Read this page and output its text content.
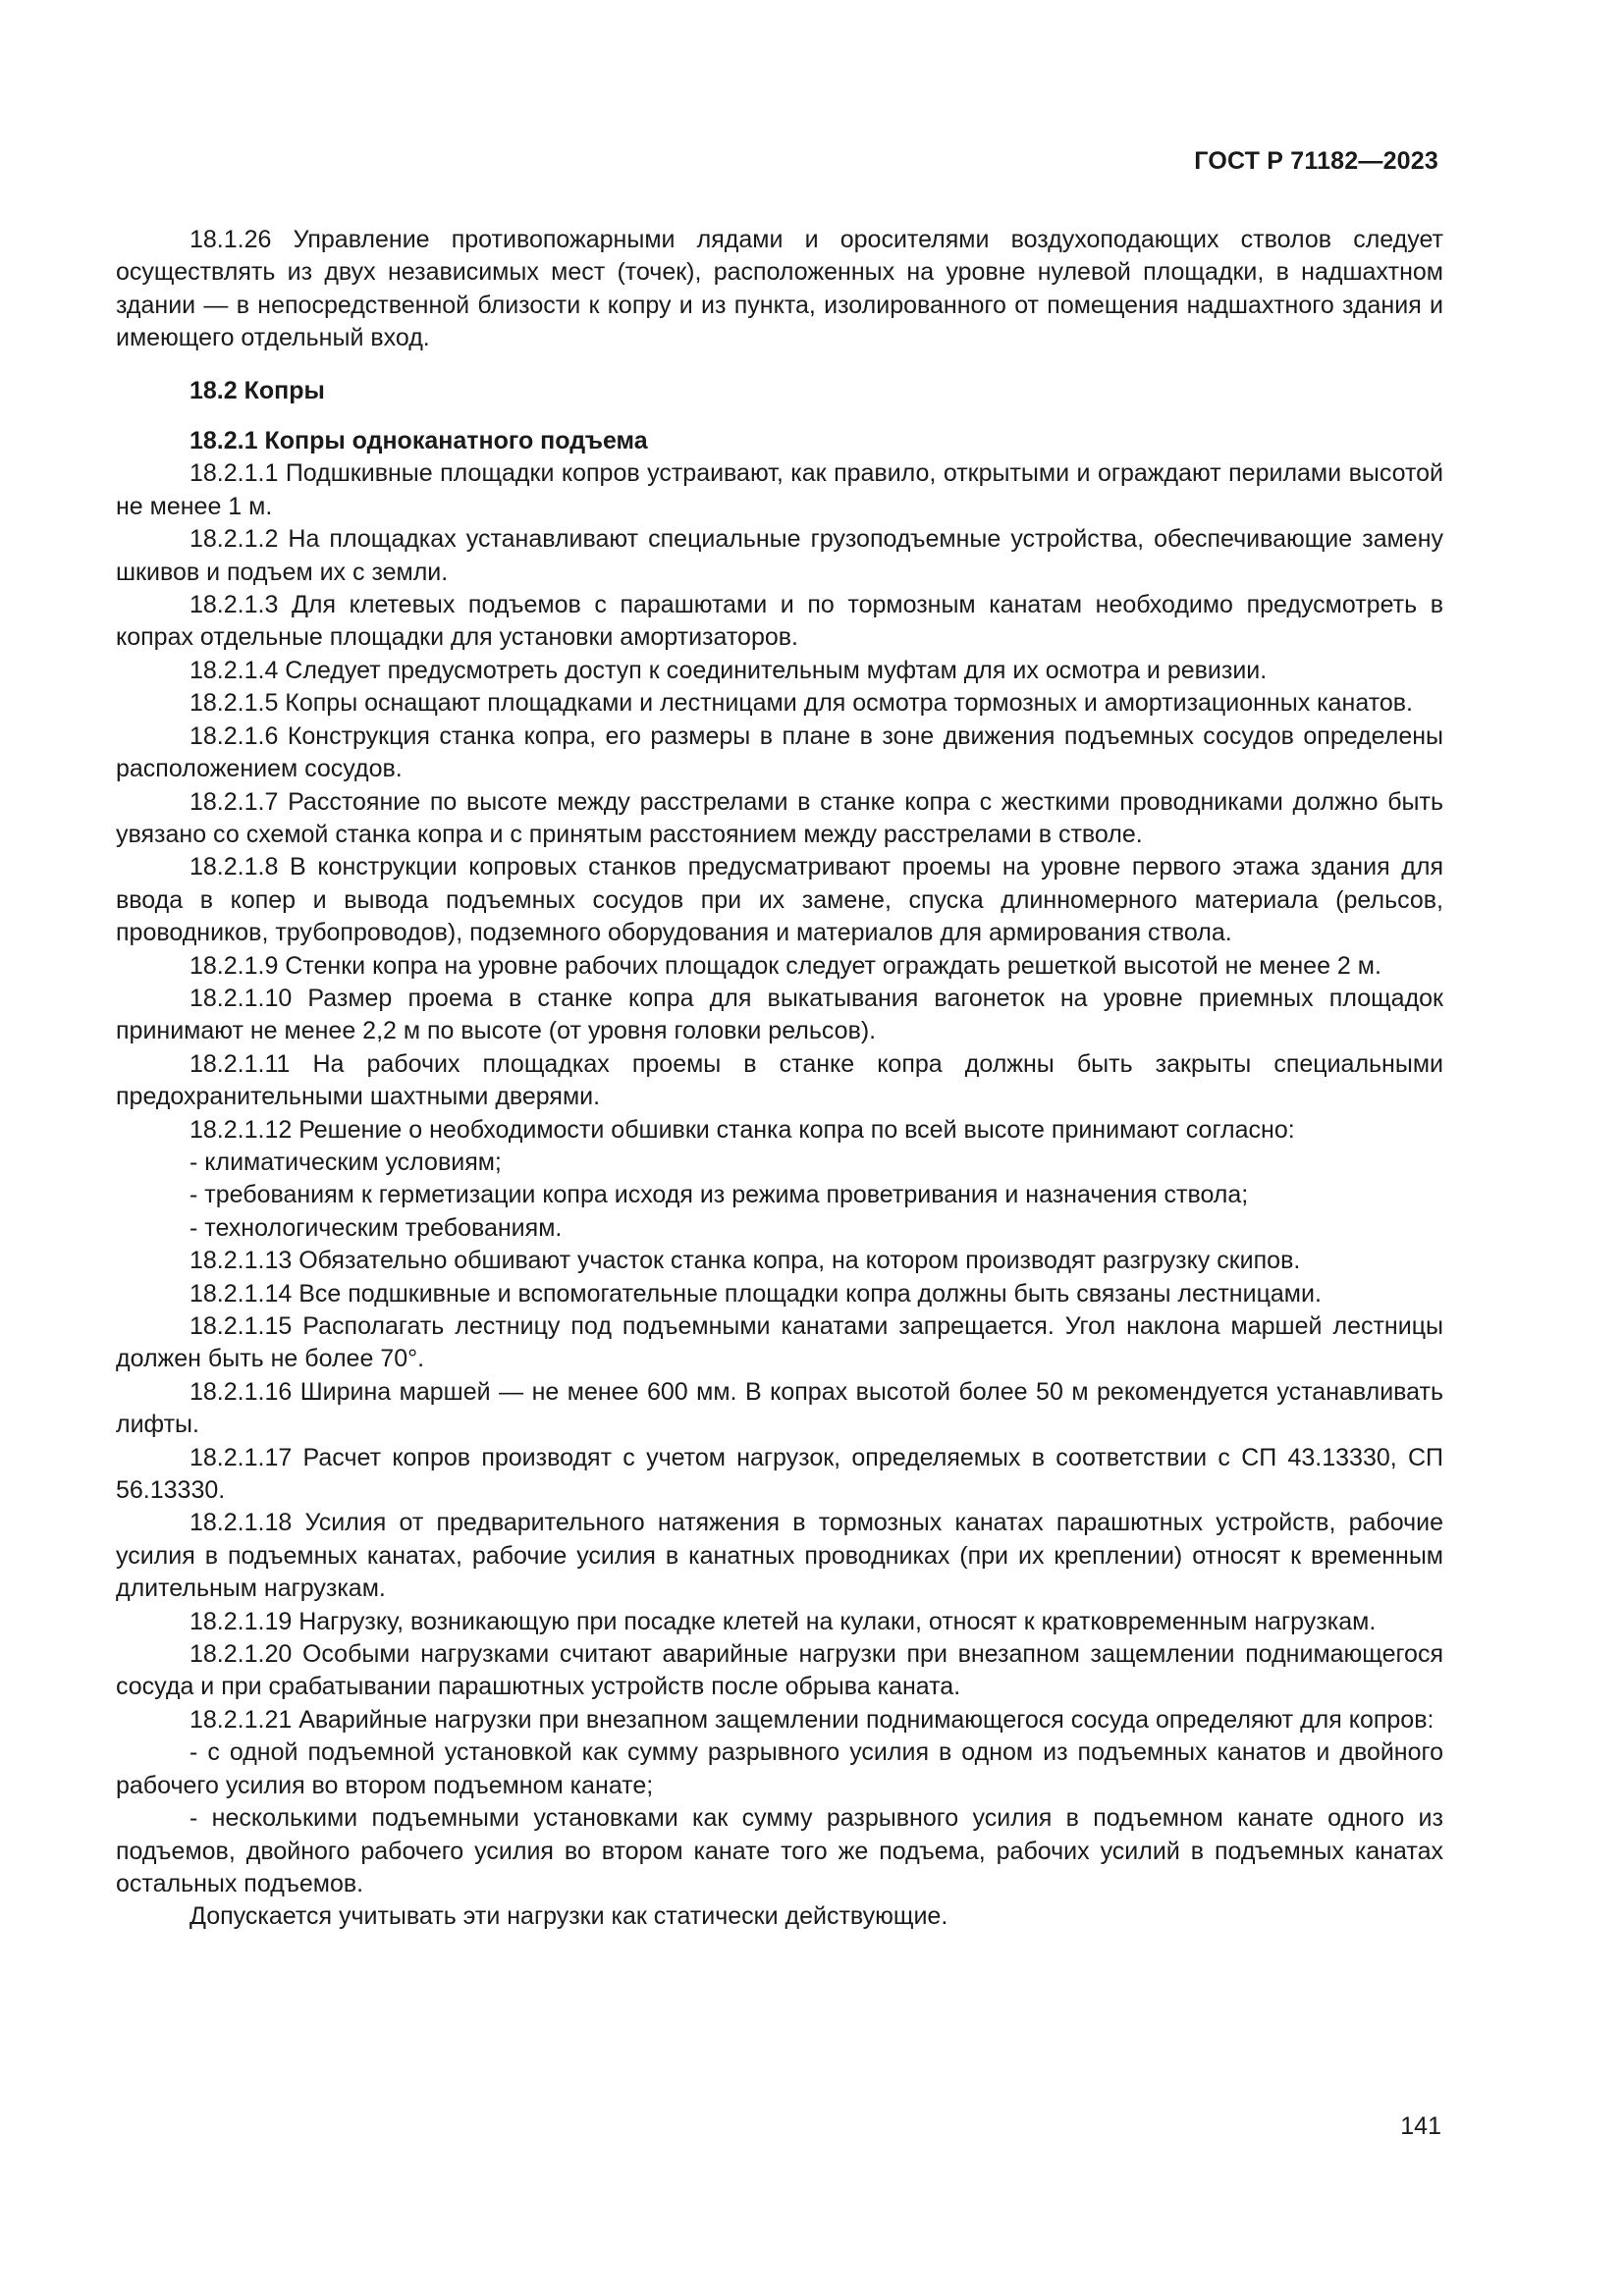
ГОСТ Р 71182—2023

18.1.26 Управление противопожарными лядами и оросителями воздухоподающих стволов следует осуществлять из двух независимых мест (точек), расположенных на уровне нулевой площадки, в надшахтном здании — в непосредственной близости к копру и из пункта, изолированного от помещения надшахтного здания и имеющего отдельный вход.

18.2 Копры
18.2.1 Копры одноканатного подъема

18.2.1.1 Подшкивные площадки копров устраивают, как правило, открытыми и ограждают перилами высотой не менее 1 м.

18.2.1.2 На площадках устанавливают специальные грузоподъемные устройства, обеспечивающие замену шкивов и подъем их с земли.

18.2.1.3 Для клетевых подъемов с парашютами и по тормозным канатам необходимо предусмотреть в копрах отдельные площадки для установки амортизаторов.

18.2.1.4 Следует предусмотреть доступ к соединительным муфтам для их осмотра и ревизии.

18.2.1.5 Копры оснащают площадками и лестницами для осмотра тормозных и амортизационных канатов.

18.2.1.6 Конструкция станка копра, его размеры в плане в зоне движения подъемных сосудов определены расположением сосудов.

18.2.1.7 Расстояние по высоте между расстрелами в станке копра с жесткими проводниками должно быть увязано со схемой станка копра и с принятым расстоянием между расстрелами в стволе.

18.2.1.8 В конструкции копровых станков предусматривают проемы на уровне первого этажа здания для ввода в копер и вывода подъемных сосудов при их замене, спуска длинномерного материала (рельсов, проводников, трубопроводов), подземного оборудования и материалов для армирования ствола.

18.2.1.9 Стенки копра на уровне рабочих площадок следует ограждать решеткой высотой не менее 2 м.

18.2.1.10 Размер проема в станке копра для выкатывания вагонеток на уровне приемных площадок принимают не менее 2,2 м по высоте (от уровня головки рельсов).

18.2.1.11 На рабочих площадках проемы в станке копра должны быть закрыты специальными предохранительными шахтными дверями.

18.2.1.12 Решение о необходимости обшивки станка копра по всей высоте принимают согласно:

- климатическим условиям;

- требованиям к герметизации копра исходя из режима проветривания и назначения ствола;

- технологическим требованиям.

18.2.1.13 Обязательно обшивают участок станка копра, на котором производят разгрузку скипов.

18.2.1.14 Все подшкивные и вспомогательные площадки копра должны быть связаны лестницами.

18.2.1.15 Располагать лестницу под подъемными канатами запрещается. Угол наклона маршей лестницы должен быть не более 70°.

18.2.1.16 Ширина маршей — не менее 600 мм. В копрах высотой более 50 м рекомендуется устанавливать лифты.

18.2.1.17 Расчет копров производят с учетом нагрузок, определяемых в соответствии с СП 43.13330, СП 56.13330.

18.2.1.18 Усилия от предварительного натяжения в тормозных канатах парашютных устройств, рабочие усилия в подъемных канатах, рабочие усилия в канатных проводниках (при их креплении) относят к временным длительным нагрузкам.

18.2.1.19 Нагрузку, возникающую при посадке клетей на кулаки, относят к кратковременным нагрузкам.

18.2.1.20 Особыми нагрузками считают аварийные нагрузки при внезапном защемлении поднимающегося сосуда и при срабатывании парашютных устройств после обрыва каната.

18.2.1.21 Аварийные нагрузки при внезапном защемлении поднимающегося сосуда определяют для копров:

- с одной подъемной установкой как сумму разрывного усилия в одном из подъемных канатов и двойного рабочего усилия во втором подъемном канате;

- несколькими подъемными установками как сумму разрывного усилия в подъемном канате одного из подъемов, двойного рабочего усилия во втором канате того же подъема, рабочих усилий в подъемных канатах остальных подъемов.

Допускается учитывать эти нагрузки как статически действующие.

141
